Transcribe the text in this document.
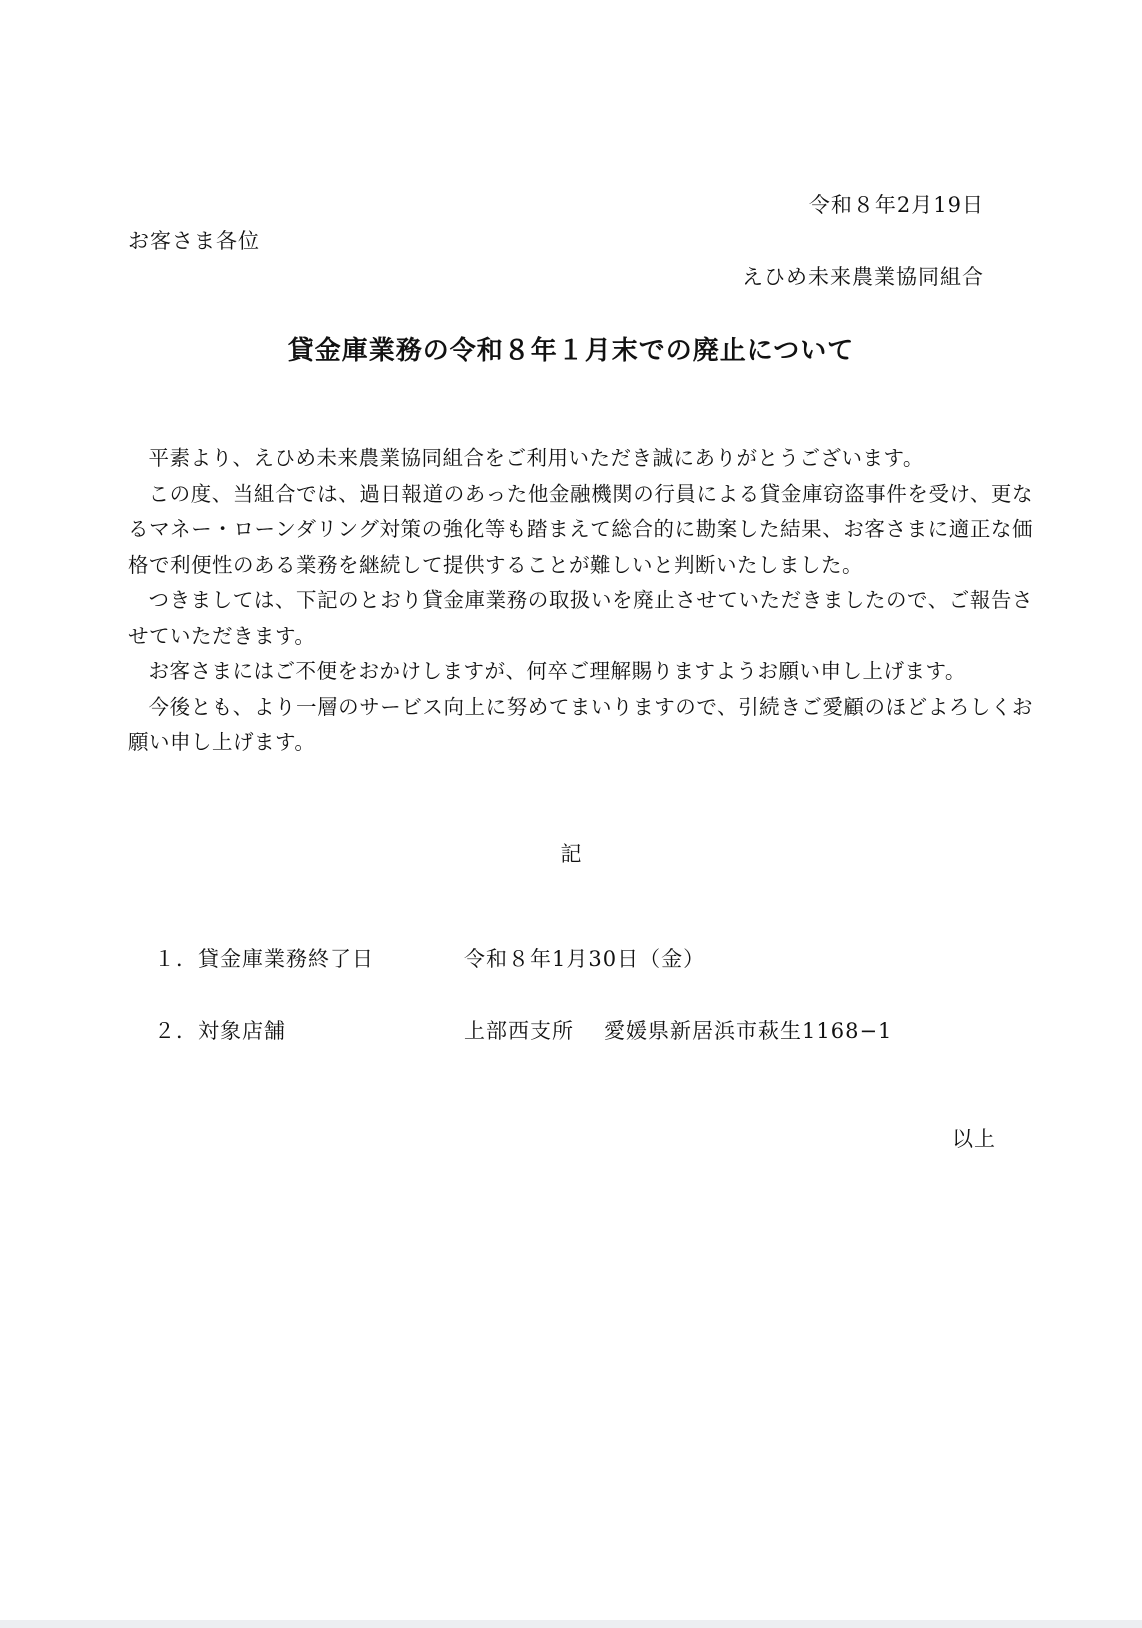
令和８年2月19日
お客さま各位
えひめ未来農業協同組合
貸金庫業務の令和８年１月末での廃止について

平素より、えひめ未来農業協同組合をご利用いただき誠にありがとうございます。

この度、当組合では、過日報道のあった他金融機関の行員による貸金庫窃盗事件を受け、更なるマネー・ローンダリング対策の強化等も踏まえて総合的に勘案した結果、お客さまに適正な価格で利便性のある業務を継続して提供することが難しいと判断いたしました。

つきましては、下記のとおり貸金庫業務の取扱いを廃止させていただきましたので、ご報告させていただきます。

お客さまにはご不便をおかけしますが、何卒ご理解賜りますようお願い申し上げます。

今後とも、より一層のサービス向上に努めてまいりますので、引続きご愛顧のほどよろしくお願い申し上げます。

記
１．貸金庫業務終了日	令和８年1月30日（金）
２．対象店舗	上部西支所 愛媛県新居浜市萩生1168−1
以上
